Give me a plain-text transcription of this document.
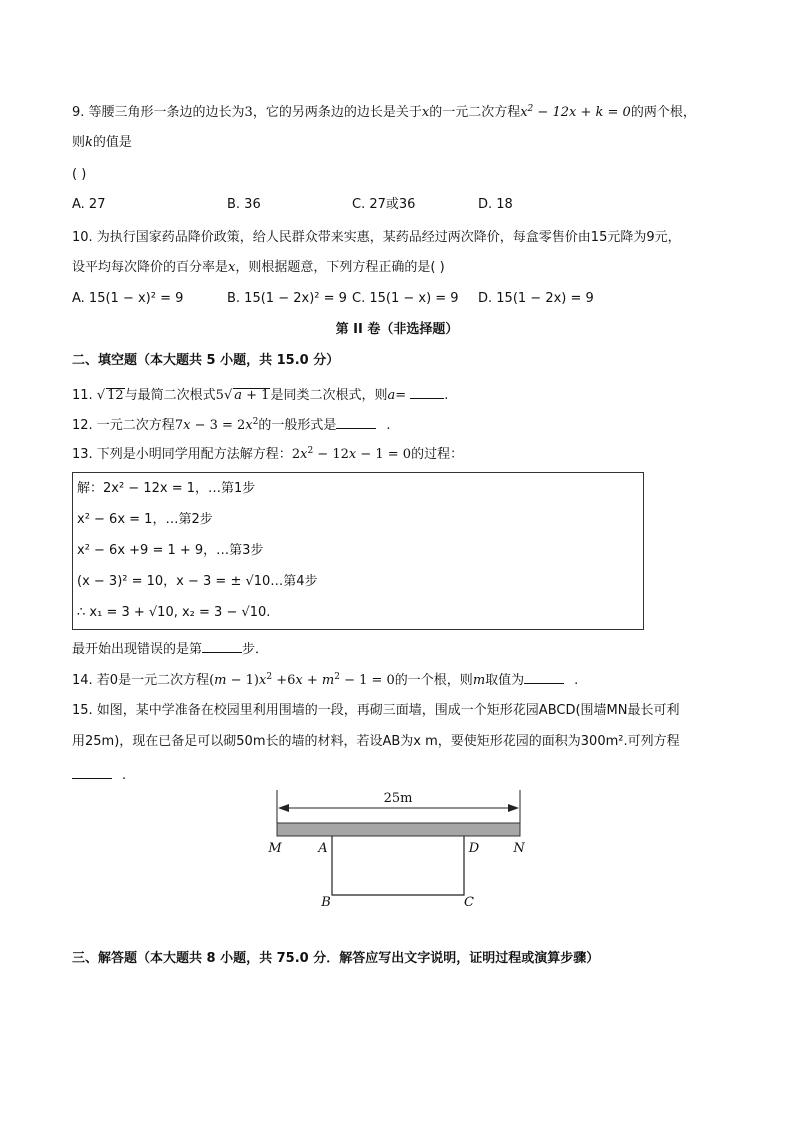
9. 等腰三角形一条边的边长为3，它的另两条边的边长是关于x的一元二次方程$x^2 - 12x + k = 0$的两个根，
则k的值是
( )
A. 27	B. 36	C. 27或36	D. 18
10. 为执行国家药品降价政策，给人民群众带来实惠，某药品经过两次降价，每盒零售价由15元降为9元，
设平均每次降价的百分率是x，则根据题意，下列方程正确的是( )
A. 15(1 − x)² = 9	B. 15(1 − 2x)² = 9 C. 15(1 − x) = 9 D. 15(1 − 2x) = 9
第 II 卷（非选择题）
二、填空题（本大题共 5 小题，共 15.0 分）
11. √ 12与最简二次根式5√ a + 1是同类二次根式，则a=	.
12. 一元二次方程$7x - 3 = 2x^2$的一般形式是	.
13. 下列是小明同学用配方法解方程：$2x^2 - 12x - 1 = 0$的过程：
解：2x² − 12x = 1，…第1步
x² − 6x = 1，…第2步
x² − 6x +9 = 1 + 9，…第3步
(x − 3)² = 10，x − 3 = ± √10…第4步
∴ x₁ = 3 + √10, x₂ = 3 − √10.
最开始出现错误的是第	步．
14. 若0是一元二次方程$(m - 1)x^2 +6x + m^2 - 1 = 0$的一个根，则m取值为	.
15. 如图，某中学准备在校园里利用围墙的一段，再砌三面墙，围成一个矩形花园ABCD(围墙MN最长可利
用25m)，现在已备足可以砌50m长的墙的材料，若设AB为x m，要使矩形花园的面积为300m².可列方程
.
25m
M	A	D	N
B	C
三、解答题（本大题共 8 小题，共 75.0 分．解答应写出文字说明，证明过程或演算步骤）
